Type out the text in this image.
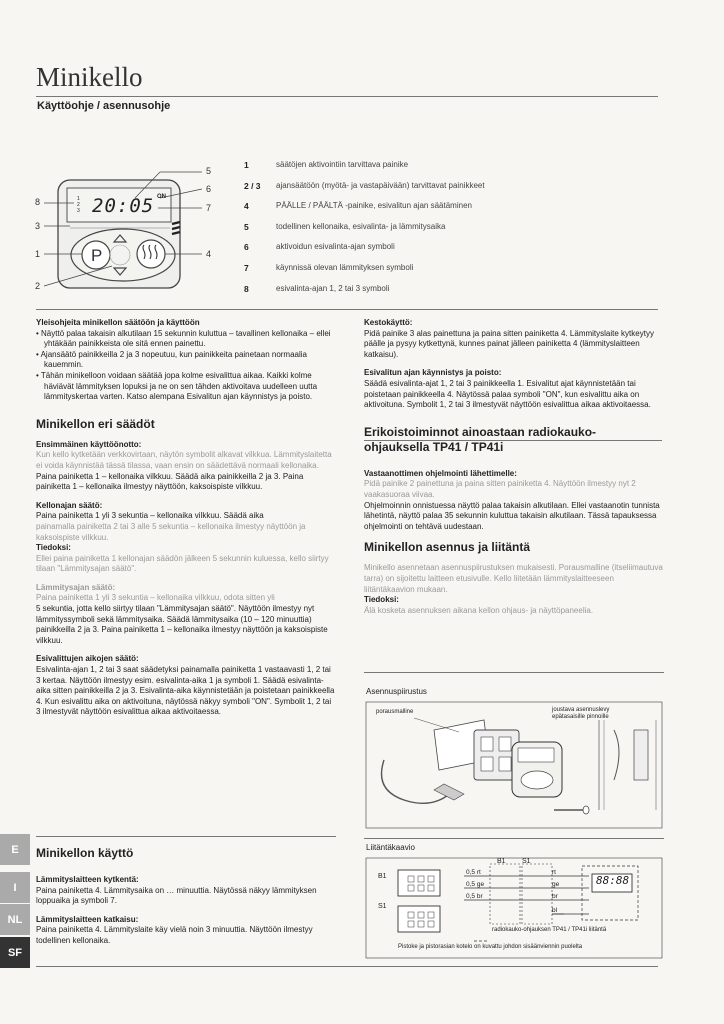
Minikello
Käyttöohje / asennusohje
P
20:05 ON
1 2 3
5
6
7
4
8
3
1
2
1	säätöjen aktivointiin tarvittava painike
2 / 3	ajansäätöön (myötä- ja vastapäivään) tarvittavat painikkeet
4	PÄÄLLE / PÄÄLTÄ -painike, esivalitun ajan säätäminen
5	todellinen kellonaika, esivalinta- ja lämmitysaika
6	aktivoidun esivalinta-ajan symboli
7	käynnissä olevan lämmityksen symboli
8	esivalinta-ajan 1, 2 tai 3 symboli

Yleisohjeita minikellon säätöön ja käyttöön

• Näyttö palaa takaisin alkutilaan 15 sekunnin kuluttua – tavallinen kellonaika – ellei yhtäkään painikkeista ole sitä ennen painettu.

• Ajansäätö painikkeilla 2 ja 3 nopeutuu, kun painikkeita painetaan normaalia kauemmin.

• Tähän minikelloon voidaan säätää jopa kolme esivalittua aikaa. Kaikki kolme häviävät lämmityksen lopuksi ja ne on sen tähden aktivoitava uudelleen uutta lämmityskertaa varten. Katso alempana Esivalitun ajan käynnistys ja poisto.

Minikellon eri säädöt

Ensimmäinen käyttöönotto:

Kun kello kytketään verkkovirtaan, näytön symbolit alkavat vilkkua. Lämmityslaitetta ei voida käynnistää tässä tilassa, vaan ensin on säädettävä normaali kellonaika.

Paina painiketta 1 – kellonaika vilkkuu. Säädä aika painikkeilla 2 ja 3. Paina painiketta 1 – kellonaika ilmestyy näyttöön, kaksoispiste vilkkuu.

Kellonajan säätö:

Paina painiketta 1 yli 3 sekuntia – kellonaika vilkkuu. Säädä aika

painamalla painiketta 2 tai 3 alle 5 sekuntia – kellonaika ilmestyy näyttöön ja kaksoispiste vilkkuu.

Tiedoksi:

Ellei paina painiketta 1 kellonajan säädön jälkeen 5 sekunnin kuluessa, kello siirtyy tilaan "Lämmitysajan säätö".

Lämmitysajan säätö:

Paina painiketta 1 yli 3 sekuntia – kellonaika vilkkuu, odota sitten yli

5 sekuntia, jotta kello siirtyy tilaan "Lämmitysajan säätö". Näyttöön ilmestyy nyt lämmityssymboli sekä lämmitysaika. Säädä lämmitysaika (10 – 120 minuuttia) painikkeilla 2 ja 3. Paina painiketta 1 – kellonaika ilmestyy näyttöön ja kaksoispiste vilkkuu.

Esivalittujen aikojen säätö:

Esivalinta-ajan 1, 2 tai 3 saat säädetyksi painamalla painiketta 1 vastaavasti 1, 2 tai 3 kertaa. Näyttöön ilmestyy esim. esivalinta-aika 1 ja symboli 1. Säädä esivalinta-aika sitten painikkeilla 2 ja 3. Esivalinta-aika käynnistetään ja poistetaan painikkeella 4. Kun esivalittu aika on aktivoituna, näytössä näkyy symboli "ON". Symbolit 1, 2 tai 3 ilmestyvät näyttöön esivalittua aikaa aktivoitaessa.

Minikellon käyttö

Lämmityslaitteen kytkentä:

Paina painiketta 4. Lämmitysaika on … minuuttia. Näytössä näkyy lämmityksen loppuaika ja symboli 7.

Lämmityslaitteen katkaisu:

Paina painiketta 4. Lämmityslaite käy vielä noin 3 minuuttia. Näyttöön ilmestyy todellinen kellonaika.

E
I
NL
SF

Kestokäyttö:

Pidä painike 3 alas painettuna ja paina sitten painiketta 4. Lämmityslaite kytkeytyy päälle ja pysyy kytkettynä, kunnes painat jälleen painiketta 4 (lämmityslaitteen katkaisu).

Esivalitun ajan käynnistys ja poisto:

Säädä esivalinta-ajat 1, 2 tai 3 painikkeella 1. Esivalitut ajat käynnistetään tai poistetaan painikkeella 4. Näytössä palaa symboli "ON", kun esivalittu aika on aktivoituna. Symbolit 1, 2 tai 3 ilmestyvät näyttöön esivalittua aikaa aktivoitaessa.

Erikoistoiminnot ainoastaan radiokauko-ohjauksella TP41 / TP41i

Vastaanottimen ohjelmointi lähettimelle:

Pidä painike 2 painettuna ja paina sitten painiketta 4. Näyttöön ilmestyy nyt 2 vaakasuoraa viivaa.

Ohjelmoinnin onnistuessa näyttö palaa takaisin alkutilaan. Ellei vastaanotin tunnista lähetintä, näyttö palaa 35 sekunnin kuluttua takaisin alkutilaan. Tässä tapauksessa ohjelmointi on tehtävä uudestaan.

Minikellon asennus ja liitäntä

Minikello asennetaan asennuspiirustuksen mukaisesti. Porausmalline (itseliimautuva tarra) on sijoitettu laitteen etusivulle. Kello liitetään lämmityslaitteeseen liitäntäkaavion mukaan.

Tiedoksi:

Älä kosketa asennuksen aikana kellon ohjaus- ja näyttöpaneelia.

Asennuspiirustus
porausmalline	joustava asennuslevy epätasaisille pinnoille
Liitäntäkaavio
B1
S1
B1 S1
0,5 rt
0,5 ge
0,5 br
rt
ge
br
bl
88:88
radiokauko-ohjauksen TP41 / TP41i liitäntä
Pistoke ja pistorasian kotelo on kuvattu johdon sisäänviennin puolelta
